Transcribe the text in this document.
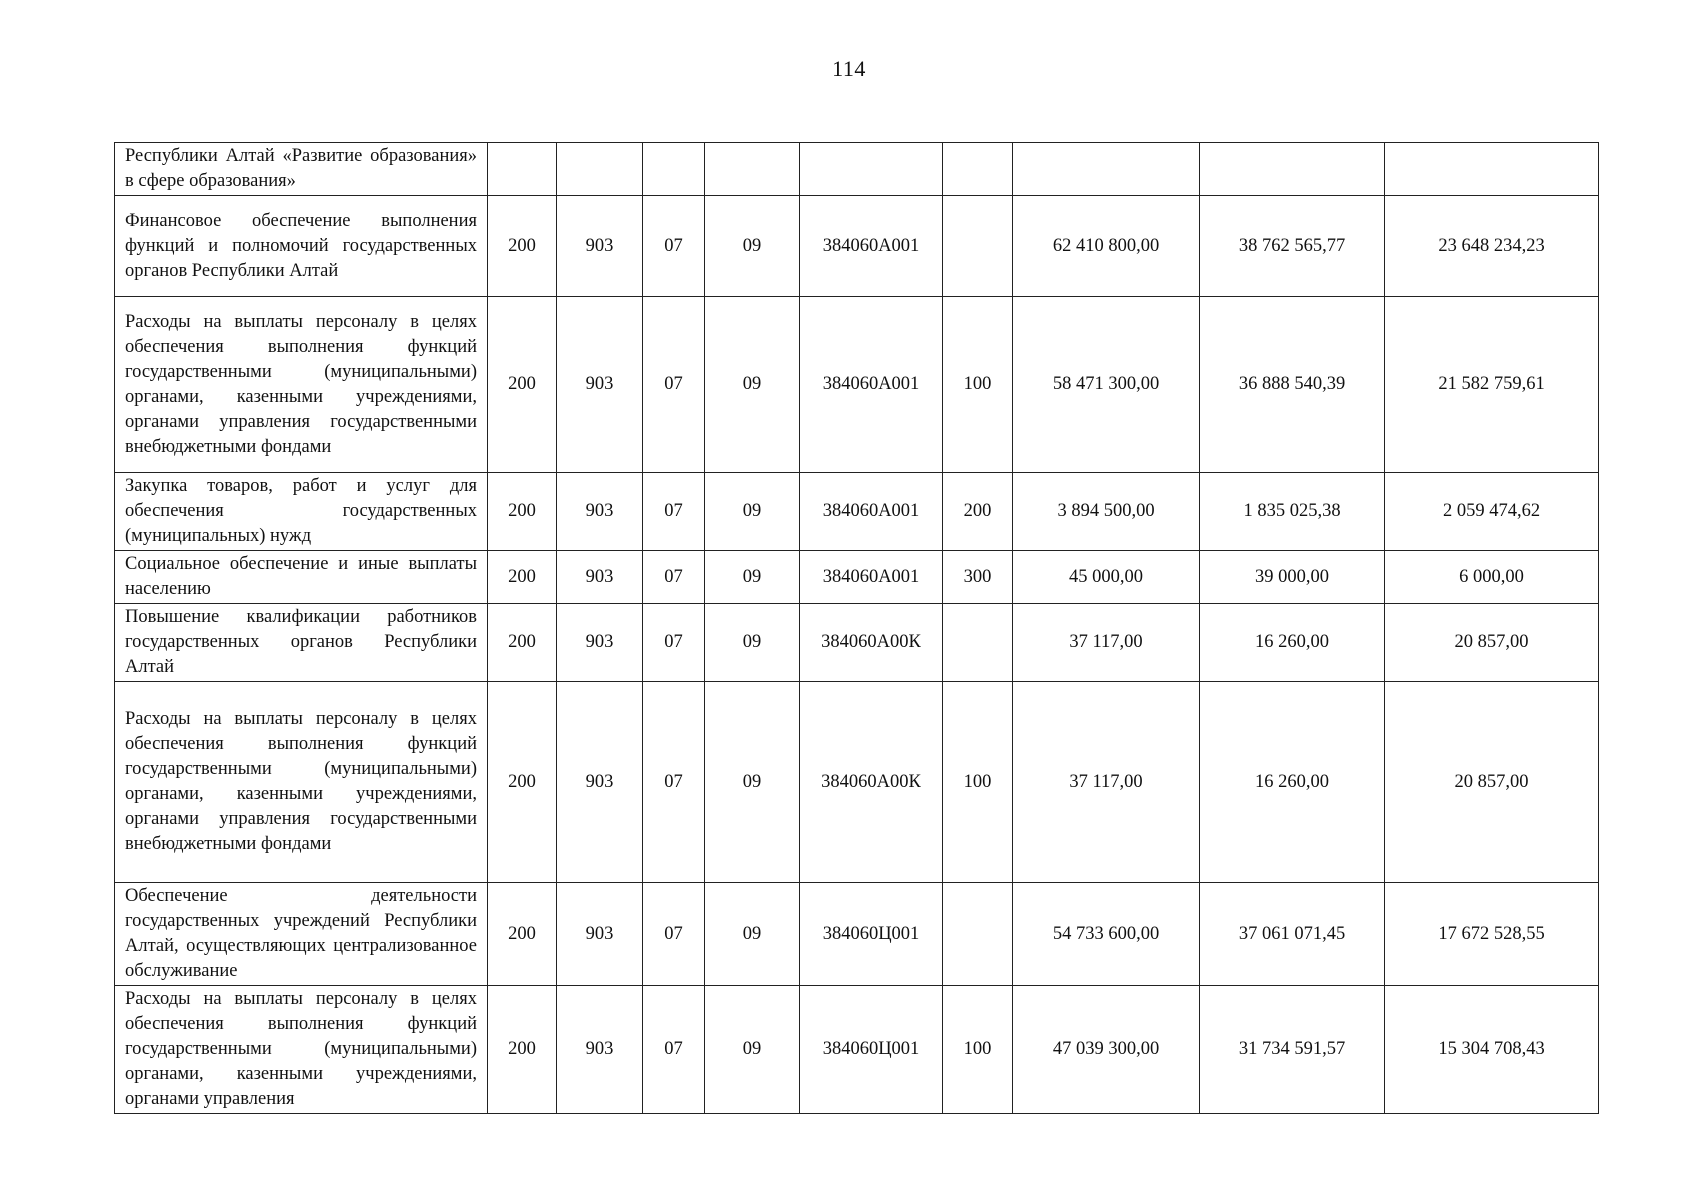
114
Республики Алтай «Развитие образования» в сфере образования»									
Финансовое обеспечение выполнения функций и полномочий государственных органов Республики Алтай	200	903	07	09	384060А001		62 410 800,00	38 762 565,77	23 648 234,23
Расходы на выплаты персоналу в целях обеспечения выполнения функций государственными (муниципальными) органами, казенными учреждениями, органами управления государственными внебюджетными фондами	200	903	07	09	384060А001	100	58 471 300,00	36 888 540,39	21 582 759,61
Закупка товаров, работ и услуг для обеспечения государственных (муниципальных) нужд	200	903	07	09	384060А001	200	3 894 500,00	1 835 025,38	2 059 474,62
Социальное обеспечение и иные выплаты населению	200	903	07	09	384060А001	300	45 000,00	39 000,00	6 000,00
Повышение квалификации работников государственных органов Республики Алтай	200	903	07	09	384060А00К		37 117,00	16 260,00	20 857,00
Расходы на выплаты персоналу в целях обеспечения выполнения функций государственными (муниципальными) органами, казенными учреждениями, органами управления государственными внебюджетными фондами	200	903	07	09	384060А00К	100	37 117,00	16 260,00	20 857,00
Обеспечение деятельности государственных учреждений Республики Алтай, осуществляющих централизованное обслуживание	200	903	07	09	384060Ц001		54 733 600,00	37 061 071,45	17 672 528,55
Расходы на выплаты персоналу в целях обеспечения выполнения функций государственными (муниципальными) органами, казенными учреждениями, органами управления	200	903	07	09	384060Ц001	100	47 039 300,00	31 734 591,57	15 304 708,43
